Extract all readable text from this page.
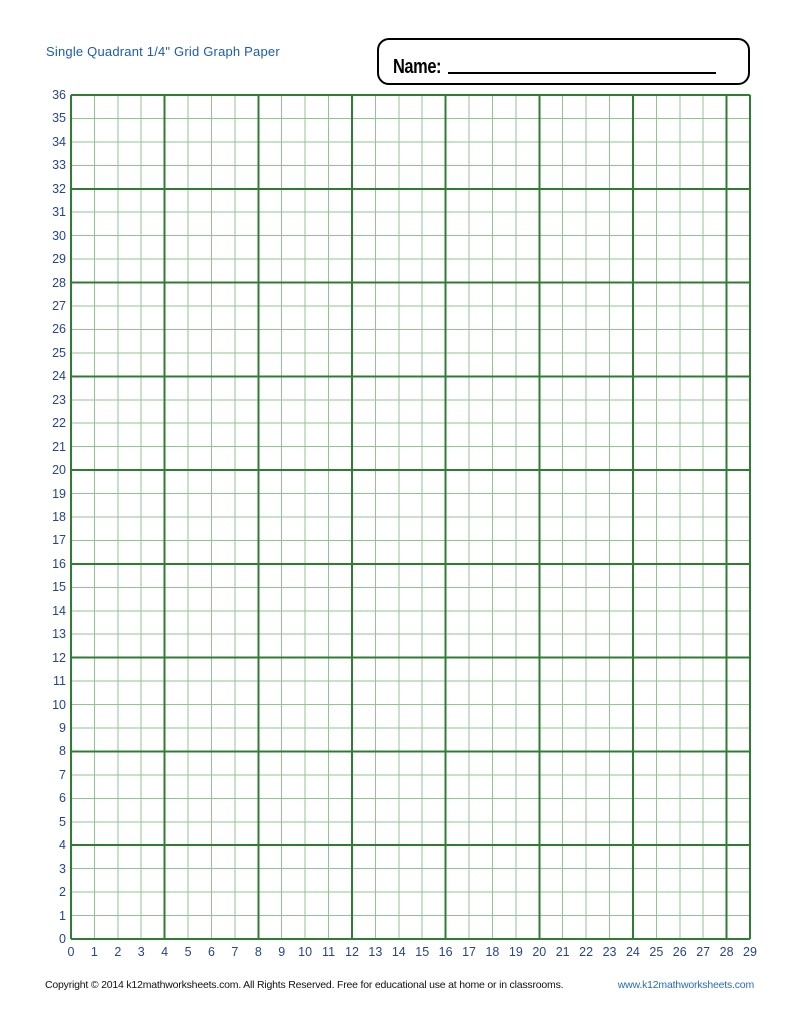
Single Quadrant 1/4" Grid Graph Paper
Name:
0
1
2
3
4
5
6
7
8
9
10
11
12
13
14
15
16
17
18
19
20
21
22
23
24
25
26
27
28
29
30
31
32
33
34
35
36
0	1	2	3	4	5	6	7	8	9	10 11 12 13 14 15 16 17 18 19 20 21 22 23 24 25 26 27 28 29
Copyright © 2014 k12mathworksheets.com. All Rights Reserved. Free for educational use at home or in classrooms.	www.k12mathworksheets.com
